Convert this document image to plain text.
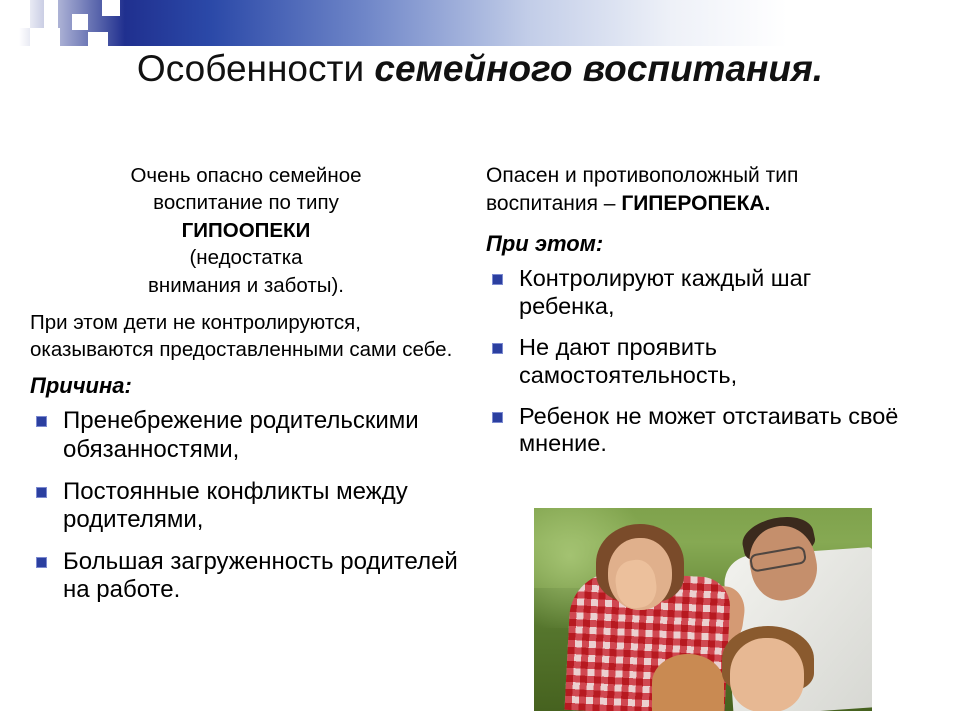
Особенности семейного воспитания.

Очень опасно семейное
воспитание по типу
ГИПООПЕКИ
(недостатка
внимания и заботы).

При этом дети не контролируются, оказываются предоставленными сами себе.

Причина:

Пренебрежение родительскими обязанностями,
Постоянные конфликты между родителями,
Большая загруженность родителей на работе.

Опасен и противоположный тип воспитания – ГИПЕРОПЕКА.

При этом:

Контролируют каждый шаг ребенка,
Не дают проявить самостоятельность,
Ребенок не может отстаивать своё мнение.
